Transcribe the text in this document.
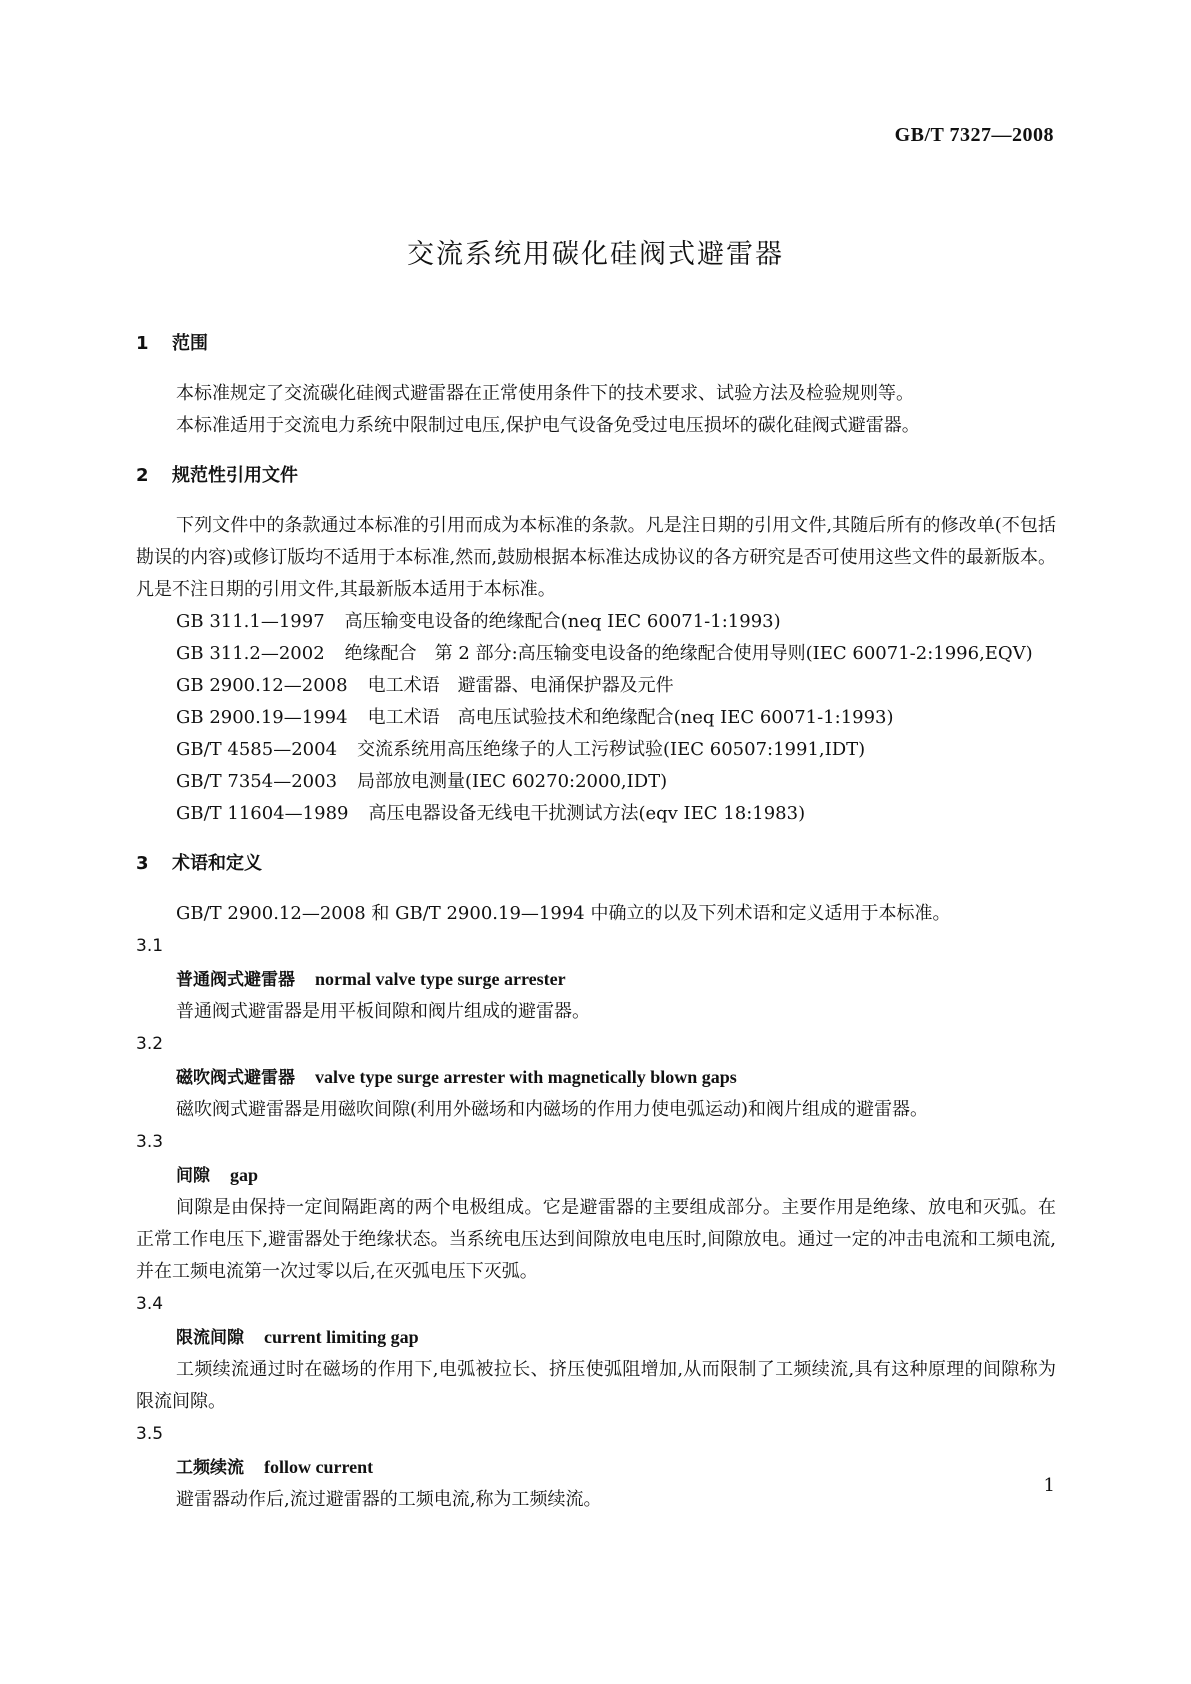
GB/T 7327—2008
交流系统用碳化硅阀式避雷器
1 范围

本标准规定了交流碳化硅阀式避雷器在正常使用条件下的技术要求、试验方法及检验规则等。

本标准适用于交流电力系统中限制过电压,保护电气设备免受过电压损坏的碳化硅阀式避雷器。

2 规范性引用文件

下列文件中的条款通过本标准的引用而成为本标准的条款。凡是注日期的引用文件,其随后所有的修改单(不包括勘误的内容)或修订版均不适用于本标准,然而,鼓励根据本标准达成协议的各方研究是否可使用这些文件的最新版本。凡是不注日期的引用文件,其最新版本适用于本标准。

GB 311.1—1997 高压输变电设备的绝缘配合(neq IEC 60071-1:1993)

GB 311.2—2002 绝缘配合　第 2 部分:高压输变电设备的绝缘配合使用导则(IEC 60071-2:1996,EQV)

GB 2900.12—2008 电工术语　避雷器、电涌保护器及元件
GB 2900.19—1994 电工术语　高电压试验技术和绝缘配合(neq IEC 60071-1:1993)
GB/T 4585—2004 交流系统用高压绝缘子的人工污秽试验(IEC 60507:1991,IDT)
GB/T 7354—2003 局部放电测量(IEC 60270:2000,IDT)
GB/T 11604—1989 高压电器设备无线电干扰测试方法(eqv IEC 18:1983)
3 术语和定义

GB/T 2900.12—2008 和 GB/T 2900.19—1994 中确立的以及下列术语和定义适用于本标准。

3.1
普通阀式避雷器 normal valve type surge arrester

普通阀式避雷器是用平板间隙和阀片组成的避雷器。

3.2
磁吹阀式避雷器 valve type surge arrester with magnetically blown gaps

磁吹阀式避雷器是用磁吹间隙(利用外磁场和内磁场的作用力使电弧运动)和阀片组成的避雷器。

3.3
间隙 gap

间隙是由保持一定间隔距离的两个电极组成。它是避雷器的主要组成部分。主要作用是绝缘、放电和灭弧。在正常工作电压下,避雷器处于绝缘状态。当系统电压达到间隙放电电压时,间隙放电。通过一定的冲击电流和工频电流,并在工频电流第一次过零以后,在灭弧电压下灭弧。

3.4
限流间隙 current limiting gap

工频续流通过时在磁场的作用下,电弧被拉长、挤压使弧阻增加,从而限制了工频续流,具有这种原理的间隙称为限流间隙。

3.5
工频续流 follow current

避雷器动作后,流过避雷器的工频电流,称为工频续流。

1
